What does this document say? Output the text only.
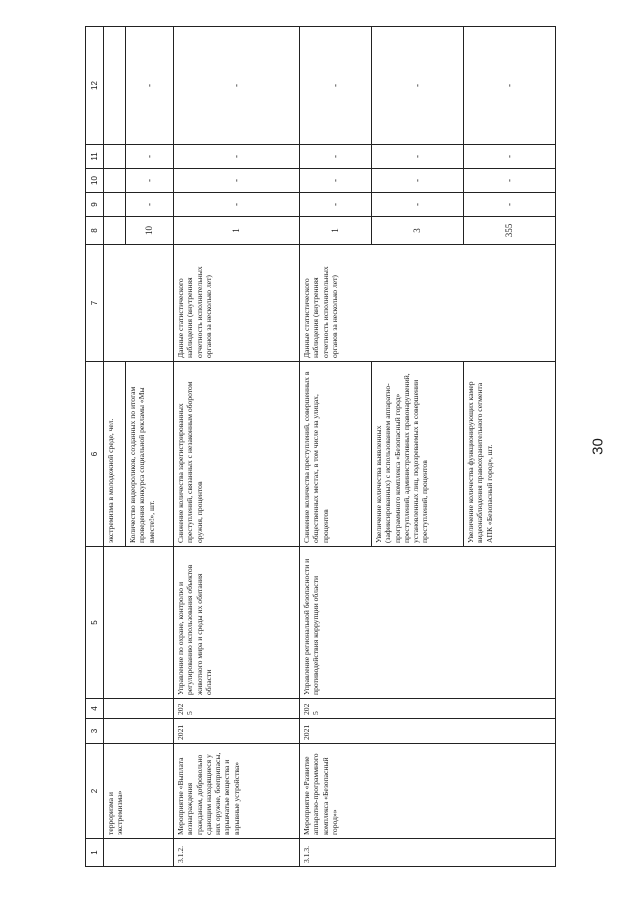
30
1	2	3	4	5	6	7	8	9	10	11	12
	терроризма и экстремизма»				экстремизма в молодежной среде, чел.						
					Количество видеороликов, созданных по итогам проведения конкурса социальной рекламы «Мы вместе!», шт.		10	-	-	-	-
3.1.2.	Мероприятие «Выплата вознаграждения гражданам, добровольно сдающим находящиеся у них оружие, боеприпасы, взрывчатые вещества и взрывные устройства»	2021	2025	Управление по охране, контролю и регулированию использования объектов животного мира и среды их обитания области	Снижение количества зарегистрированных преступлений, связанных с незаконным оборотом оружия, процентов	Данные статистического наблюдения (внутренняя отчетность исполнительных органов за несколько лет)	1	-	-	-	-
3.1.3.	Мероприятие «Развитие аппаратно-программного комплекса «Безопасный город»»	2021	2025	Управление региональной безопасности и противодействия коррупции области	Снижение количества преступлений, совершенных в общественных местах, в том числе на улицах, процентов	Данные статистического наблюдения (внутренняя отчетность исполнительных органов за несколько лет)	1	-	-	-	-
					Увеличение количества выявленных (зафиксированных) с использованием аппаратно-программного комплекса «Безопасный город» преступлений, административных правонарушений, установленных лиц, подозреваемых в совершении преступлений, процентов		3	-	-	-	-
					Увеличение количества функционирующих камер видеонаблюдения правоохранительного сегмента АПК «Безопасный город», шт.		355	-	-	-	-
